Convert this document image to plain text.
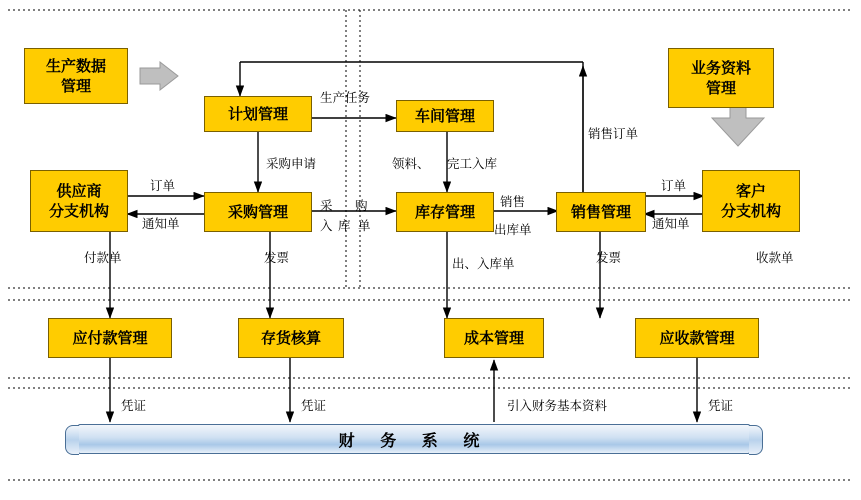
生产数据
管理
业务资料
管理
计划管理	车间管理
供应商
分支机构	采购管理	库存管理	销售管理
客户
分支机构
应付款管理	存货核算	成本管理	应收款管理
财 务 系 统
生产任务
采购申请	领料、 完工入库
销售订单
订单
通知单
采 购
入 库 单
销售
出库单
订单
通知单
付款单	发票	出、入库单	发票	收款单
凭证	凭证	引入财务基本资料	凭证
